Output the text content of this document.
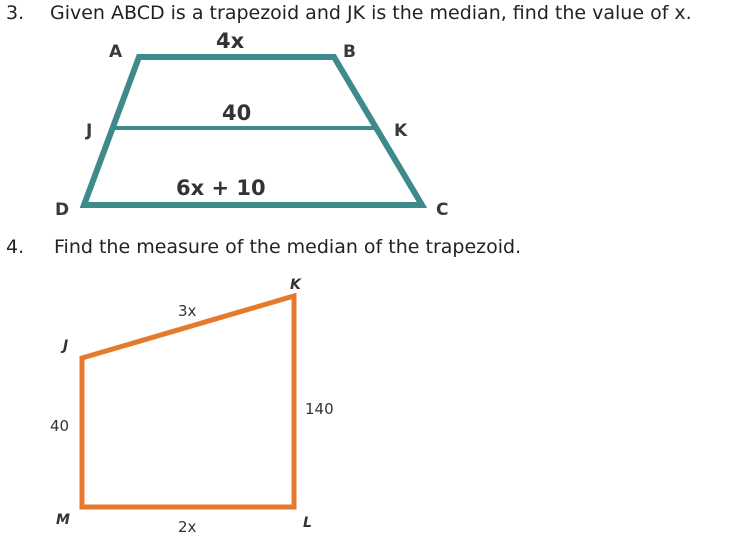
3. Given ABCD is a trapezoid and JK is the median, find the value of x.
4. Find the measure of the median of the trapezoid.
A	B
C
D
J	K
4x
40
6x + 10
K
J
M	L
3x
140
40
2x
